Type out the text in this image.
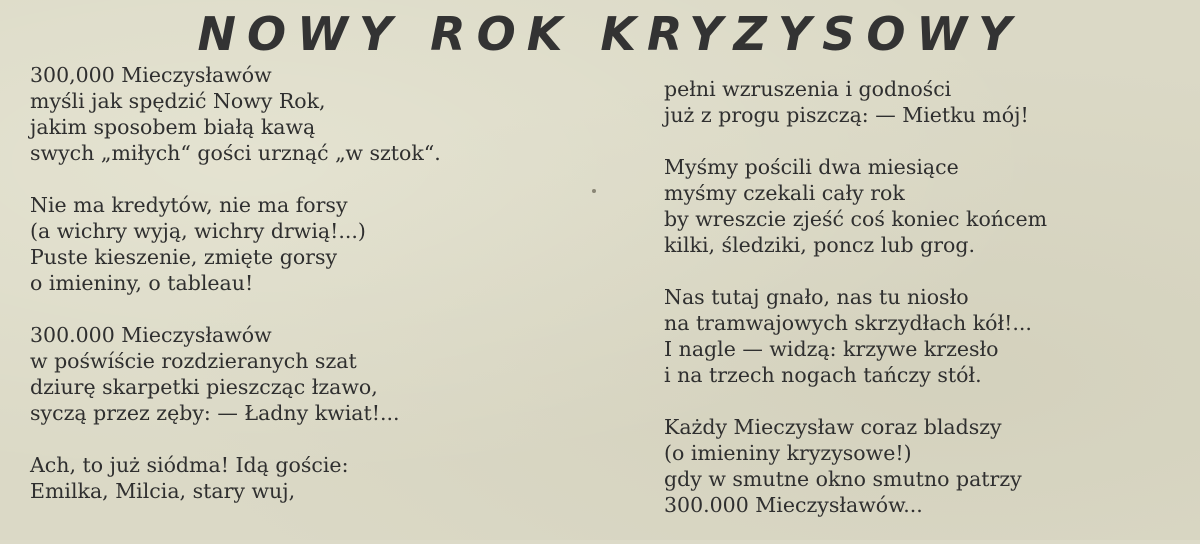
NOWY ROK KRYZYSOWY
300,000 Mieczysławów
myśli jak spędzić Nowy Rok,
jakim sposobem białą kawą
swych „miłych“ gości urznąć „w sztok“.
Nie ma kredytów, nie ma forsy
(a wichry wyją, wichry drwią!...)
Puste kieszenie, zmięte gorsy
o imieniny, o tableau!
300.000 Mieczysławów
w pośwíście rozdzieranych szat
dziurę skarpetki pieszcząc łzawo,
syczą przez zęby: — Ładny kwiat!...
Ach, to już siódma! Idą goście:
Emilka, Milcia, stary wuj,
pełni wzruszenia i godności
już z progu piszczą: — Mietku mój!
Myśmy pościli dwa miesiące
myśmy czekali cały rok
by wreszcie zjeść coś koniec końcem
kilki, śledziki, poncz lub grog.
Nas tutaj gnało, nas tu niosło
na tramwajowych skrzydłach kół!...
I nagle — widzą: krzywe krzesło
i na trzech nogach tańczy stół.
Każdy Mieczysław coraz bladszy
(o imieniny kryzysowe!)
gdy w smutne okno smutno patrzy
300.000 Mieczysławów...
